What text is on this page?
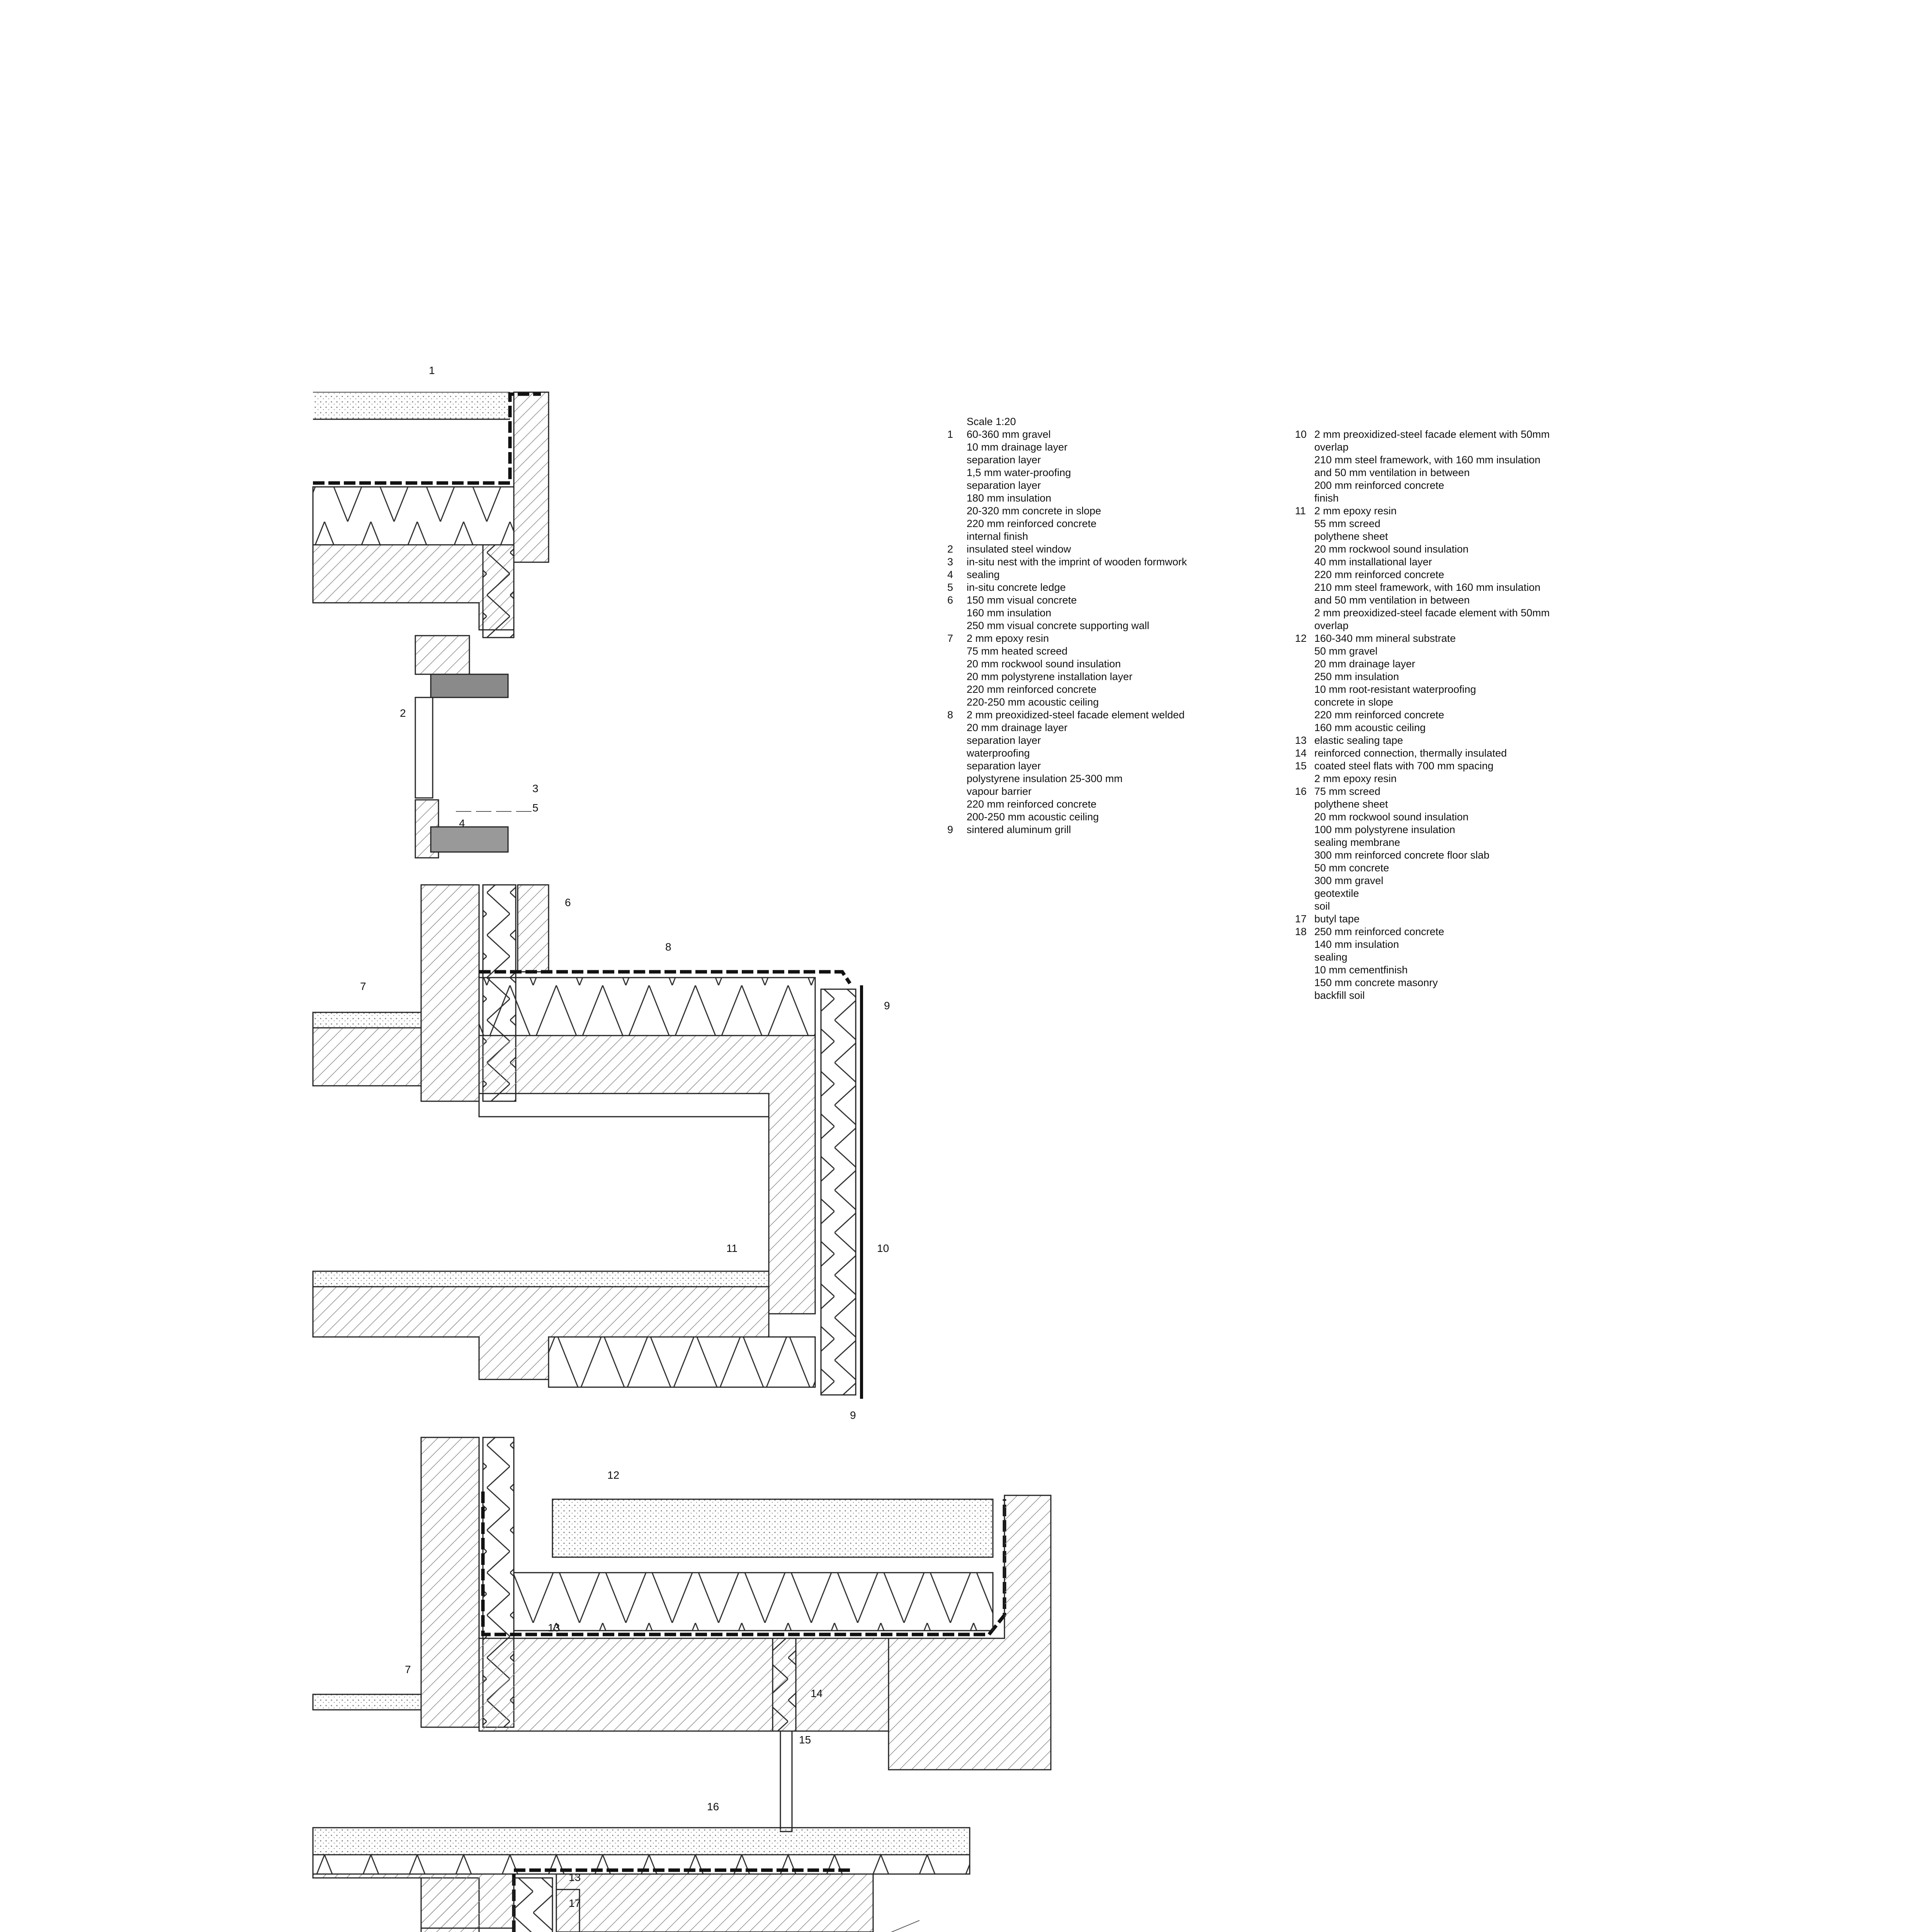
1
2
3
4
5
6
7
8
9
10
11
9
12
13
7
14
15
16
13
17
Scale 1:20
1 60-360 mm gravel
10 mm drainage layer
separation layer
1,5 mm water-proofing
separation layer
180 mm insulation
20-320 mm concrete in slope
220 mm reinforced concrete
internal finish
2 insulated steel window
3 in-situ nest with the imprint of wooden formwork
4 sealing
5 in-situ concrete ledge
6 150 mm visual concrete
160 mm insulation
250 mm visual concrete supporting wall
7 2 mm epoxy resin
75 mm heated screed
20 mm rockwool sound insulation
20 mm polystyrene installation layer
220 mm reinforced concrete
220-250 mm acoustic ceiling
8 2 mm preoxidized-steel facade element welded
20 mm drainage layer
separation layer
waterproofing
separation layer
polystyrene insulation 25-300 mm
vapour barrier
220 mm reinforced concrete
200-250 mm acoustic ceiling
9 sintered aluminum grill
10 2 mm preoxidized-steel facade element with 50mm
overlap
210 mm steel framework, with 160 mm insulation
and 50 mm ventilation in between
200 mm reinforced concrete
finish
11 2 mm epoxy resin
55 mm screed
polythene sheet
20 mm rockwool sound insulation
40 mm installational layer
220 mm reinforced concrete
210 mm steel framework, with 160 mm insulation
and 50 mm ventilation in between
2 mm preoxidized-steel facade element with 50mm
overlap
12 160-340 mm mineral substrate
50 mm gravel
20 mm drainage layer
250 mm insulation
10 mm root-resistant waterproofing
concrete in slope
220 mm reinforced concrete
160 mm acoustic ceiling
13 elastic sealing tape
14 reinforced connection, thermally insulated
15 coated steel flats with 700 mm spacing
2 mm epoxy resin
16 75 mm screed
polythene sheet
20 mm rockwool sound insulation
100 mm polystyrene insulation
sealing membrane
300 mm reinforced concrete floor slab
50 mm concrete
300 mm gravel
geotextile
soil
17 butyl tape
18 250 mm reinforced concrete
140 mm insulation
sealing
10 mm cementfinish
150 mm concrete masonry
backfill soil
